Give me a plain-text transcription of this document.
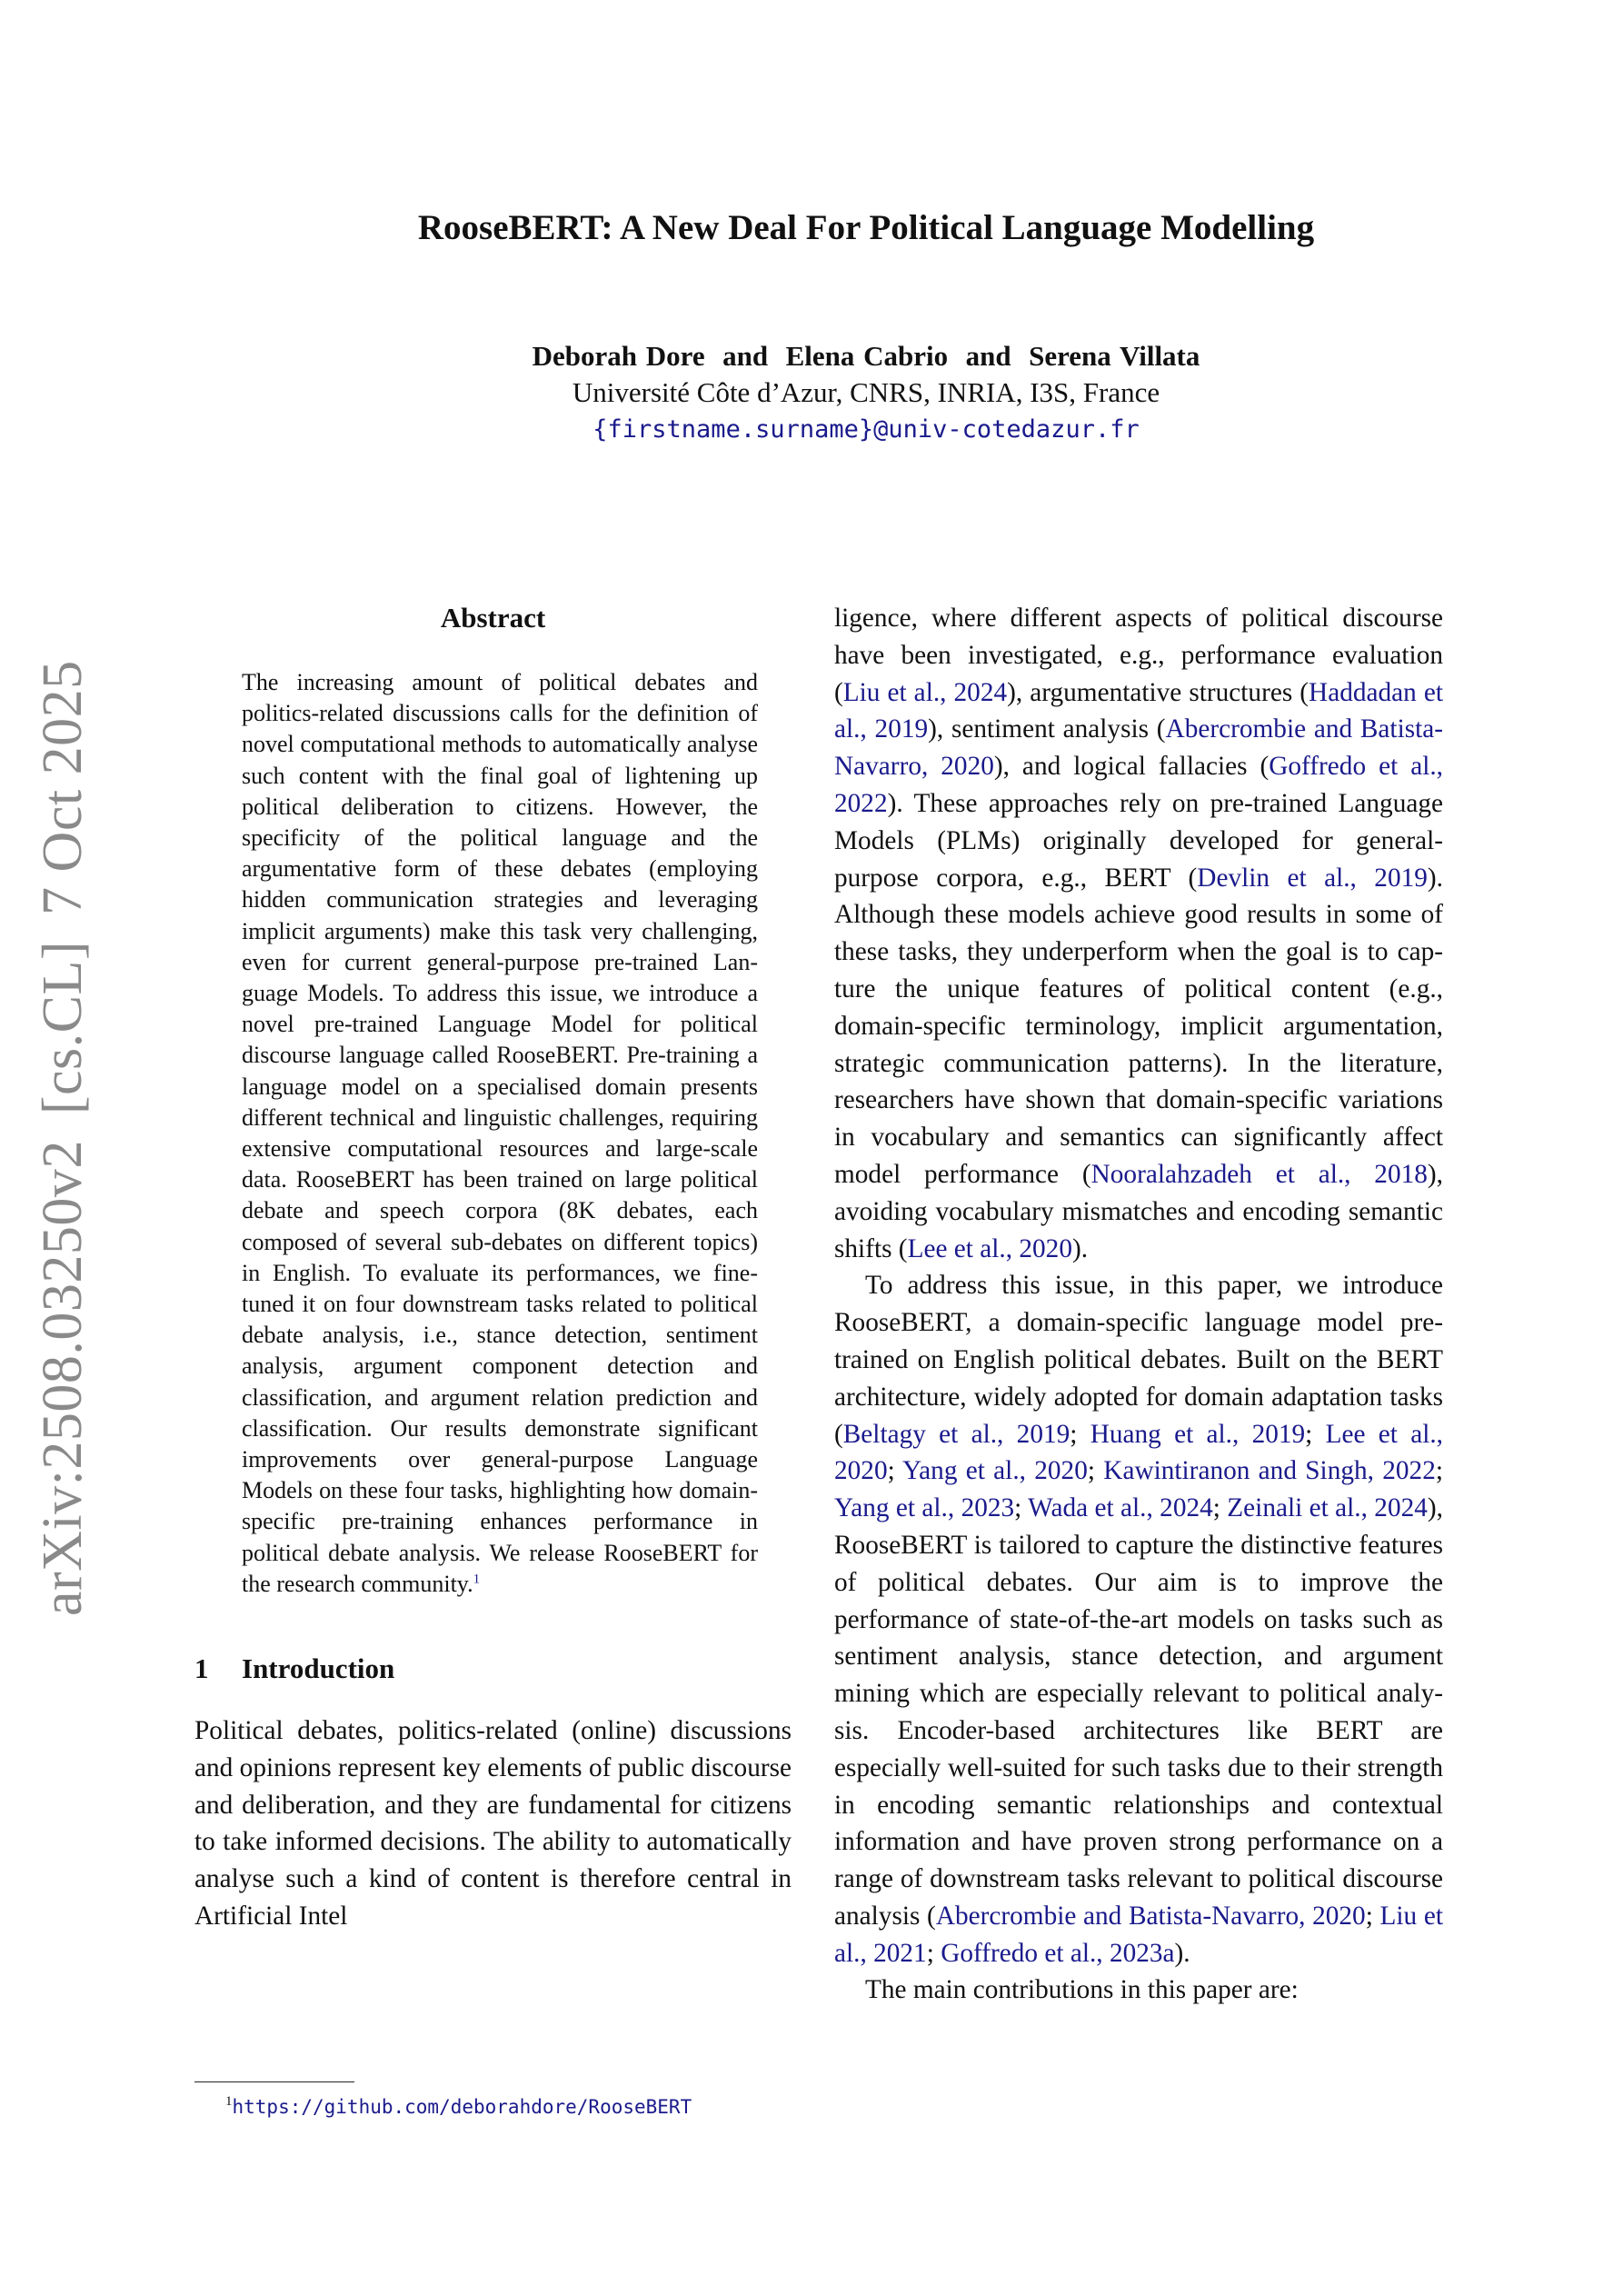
arXiv:2508.03250v2[cs.CL]7 Oct 2025
RooseBERT: A New Deal For Political Language Modelling
Deborah Dore  and  Elena Cabrio  and  Serena Villata
Université Côte d’Azur, CNRS, INRIA, I3S, France
{firstname.surname}@univ-cotedazur.fr
Abstract

The increasing amount of political debates and politics-related discussions calls for the definition of novel computational methods to automatically analyse such content with the final goal of lightening up political deliberation to citizens. However, the specificity of the political language and the argumentative form of these debates (employing hidden communication strategies and leveraging implicit arguments) make this task very challenging, even for current general-purpose pre-trained Language Models. To address this issue, we introduce a novel pre-trained Language Model for political discourse language called RooseBERT. Pre-training a language model on a specialised domain presents different technical and linguistic challenges, requiring extensive computational resources and large-scale data. RooseBERT has been trained on large political debate and speech corpora (8K debates, each composed of several sub-debates on different topics) in English. To evaluate its performances, we fine-tuned it on four downstream tasks related to political debate analysis, i.e., stance detection, sentiment analysis, argument component detection and classification, and argument relation prediction and classification. Our results demonstrate significant improvements over general-purpose Language Models on these four tasks, highlighting how domain-specific pre-training enhances performance in political debate analysis. We release RooseBERT for the research community.$^1$

1 Introduction

Political debates, politics-related (online) discussions and opinions represent key elements of public discourse and deliberation, and they are fundamental for citizens to take informed decisions. The ability to automatically analyse such a kind of content is therefore central in Artificial Intel

ligence, where different aspects of political discourse have been investigated, e.g., performance evaluation (Liu et al., 2024), argumentative structures (Haddadan et al., 2019), sentiment analysis (Abercrombie and Batista-Navarro, 2020), and logical fallacies (Goffredo et al., 2022). These approaches rely on pre-trained Language Models (PLMs) originally developed for general-purpose corpora, e.g., BERT (Devlin et al., 2019). Although these models achieve good results in some of these tasks, they underperform when the goal is to capture the unique features of political content (e.g., domain-specific terminology, implicit argumentation, strategic communication patterns). In the literature, researchers have shown that domain-specific variations in vocabulary and semantics can significantly affect model performance (Nooralahzadeh et al., 2018), avoiding vocabulary mismatches and encoding semantic shifts (Lee et al., 2020).

To address this issue, in this paper, we introduce RooseBERT, a domain-specific language model pre-trained on English political debates. Built on the BERT architecture, widely adopted for domain adaptation tasks (Beltagy et al., 2019; Huang et al., 2019; Lee et al., 2020; Yang et al., 2020; Kawintiranon and Singh, 2022; Yang et al., 2023; Wada et al., 2024; Zeinali et al., 2024), RooseBERT is tailored to capture the distinctive features of political debates. Our aim is to improve the performance of state-of-the-art models on tasks such as sentiment analysis, stance detection, and argument mining which are especially relevant to political analysis. Encoder-based architectures like BERT are especially well-suited for such tasks due to their strength in encoding semantic relationships and contextual information and have proven strong performance on a range of downstream tasks relevant to political discourse analysis (Abercrombie and Batista-Navarro, 2020; Liu et al., 2021; Goffredo et al., 2023a).

The main contributions in this paper are:

$^1$https://github.com/deborahdore/RooseBERT
